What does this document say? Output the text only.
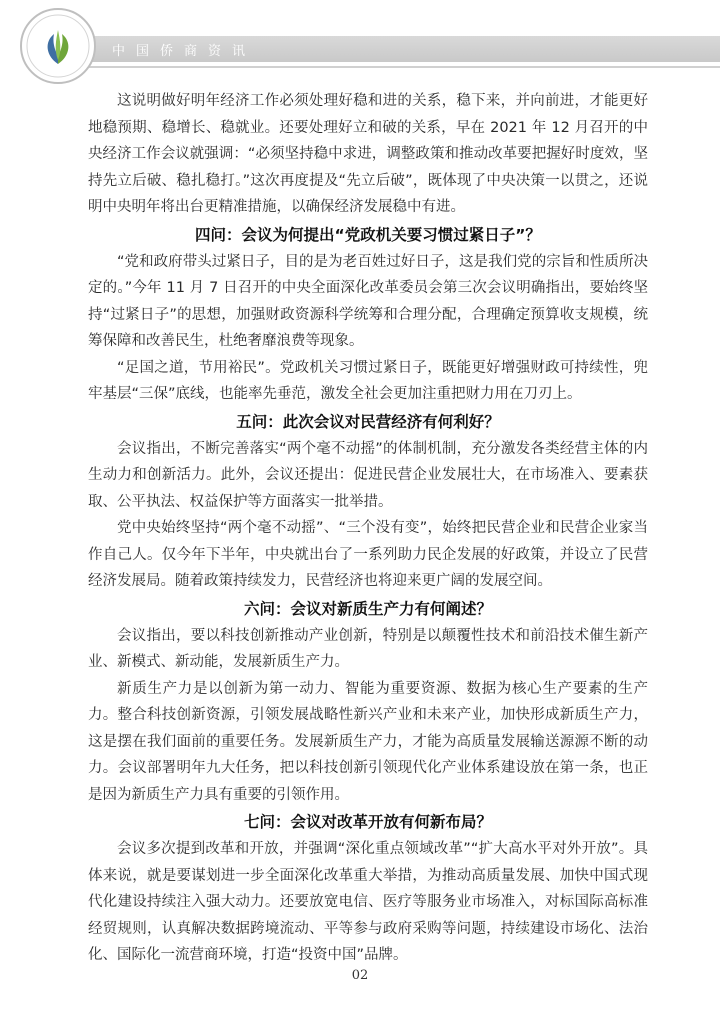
中国侨商资讯

这说明做好明年经济工作必须处理好稳和进的关系，稳下来，并向前进，才能更好地稳预期、稳增长、稳就业。还要处理好立和破的关系，早在 2021 年 12 月召开的中央经济工作会议就强调：“必须坚持稳中求进，调整政策和推动改革要把握好时度效，坚持先立后破、稳扎稳打。”这次再度提及“先立后破”，既体现了中央决策一以贯之，还说明中央明年将出台更精准措施，以确保经济发展稳中有进。

四问：会议为何提出“党政机关要习惯过紧日子”？

“党和政府带头过紧日子，目的是为老百姓过好日子，这是我们党的宗旨和性质所决定的。”今年 11 月 7 日召开的中央全面深化改革委员会第三次会议明确指出，要始终坚持“过紧日子”的思想，加强财政资源科学统筹和合理分配，合理确定预算收支规模，统筹保障和改善民生，杜绝奢靡浪费等现象。

“足国之道，节用裕民”。党政机关习惯过紧日子，既能更好增强财政可持续性，兜牢基层“三保”底线，也能率先垂范，激发全社会更加注重把财力用在刀刃上。

五问：此次会议对民营经济有何利好？

会议指出，不断完善落实“两个毫不动摇”的体制机制，充分激发各类经营主体的内生动力和创新活力。此外，会议还提出：促进民营企业发展壮大，在市场准入、要素获取、公平执法、权益保护等方面落实一批举措。

党中央始终坚持“两个毫不动摇”、“三个没有变”，始终把民营企业和民营企业家当作自己人。仅今年下半年，中央就出台了一系列助力民企发展的好政策，并设立了民营经济发展局。随着政策持续发力，民营经济也将迎来更广阔的发展空间。

六问：会议对新质生产力有何阐述？

会议指出，要以科技创新推动产业创新，特别是以颠覆性技术和前沿技术催生新产业、新模式、新动能，发展新质生产力。

新质生产力是以创新为第一动力、智能为重要资源、数据为核心生产要素的生产力。整合科技创新资源，引领发展战略性新兴产业和未来产业，加快形成新质生产力，这是摆在我们面前的重要任务。发展新质生产力，才能为高质量发展输送源源不断的动力。会议部署明年九大任务，把以科技创新引领现代化产业体系建设放在第一条，也正是因为新质生产力具有重要的引领作用。

七问：会议对改革开放有何新布局？

会议多次提到改革和开放，并强调“深化重点领域改革”“扩大高水平对外开放”。具体来说，就是要谋划进一步全面深化改革重大举措，为推动高质量发展、加快中国式现代化建设持续注入强大动力。还要放宽电信、医疗等服务业市场准入，对标国际高标准经贸规则，认真解决数据跨境流动、平等参与政府采购等问题，持续建设市场化、法治化、国际化一流营商环境，打造“投资中国”品牌。

02
